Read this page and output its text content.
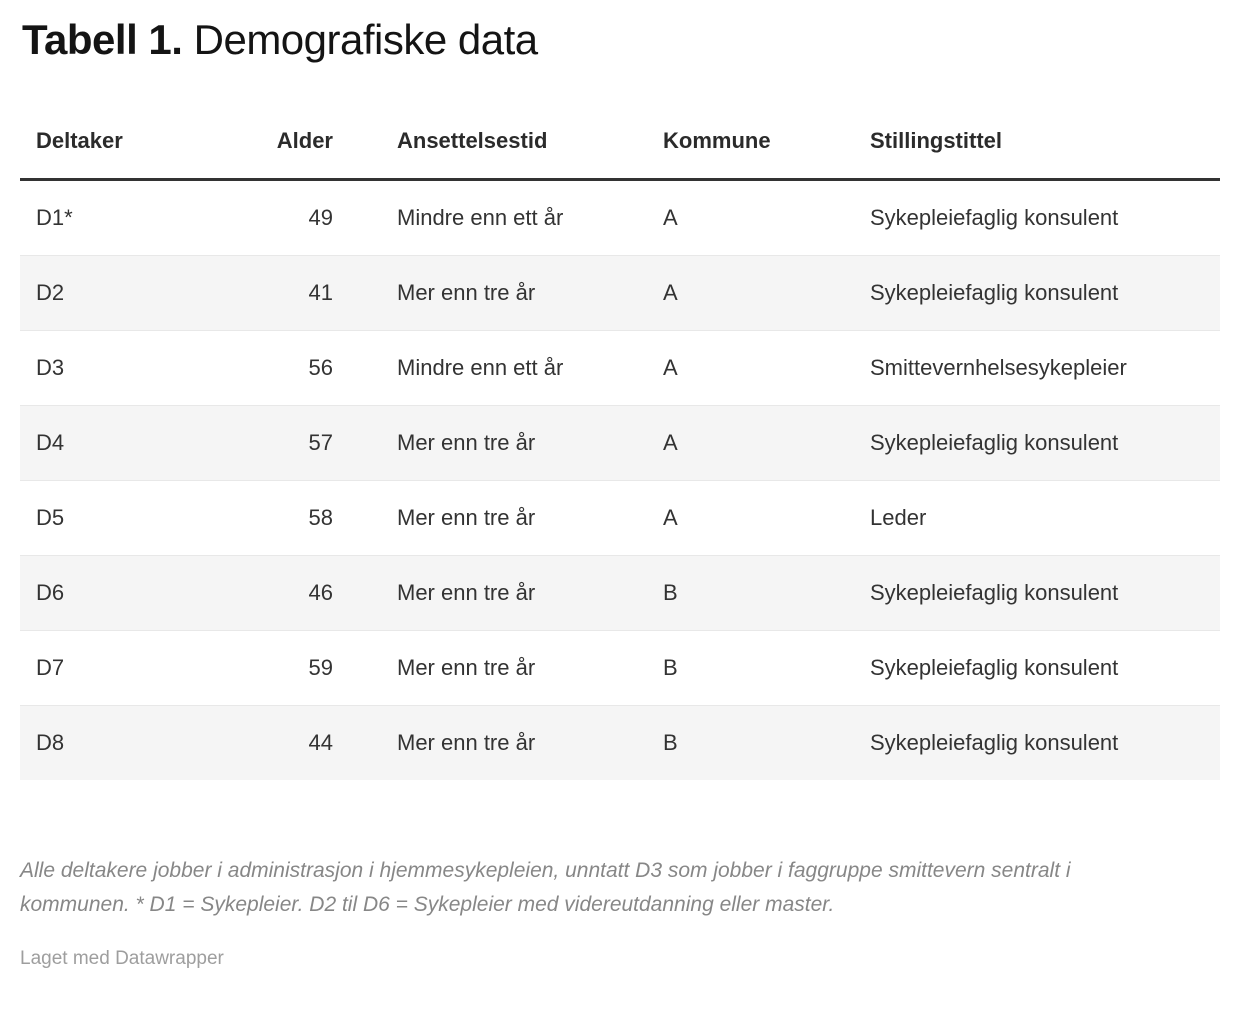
Tabell 1. Demografiske data
Deltaker	Alder	Ansettelsestid	Kommune	Stillingstittel
D1*	49	Mindre enn ett år	A	Sykepleiefaglig konsulent
D2	41	Mer enn tre år	A	Sykepleiefaglig konsulent
D3	56	Mindre enn ett år	A	Smittevernhelsesykepleier
D4	57	Mer enn tre år	A	Sykepleiefaglig konsulent
D5	58	Mer enn tre år	A	Leder
D6	46	Mer enn tre år	B	Sykepleiefaglig konsulent
D7	59	Mer enn tre år	B	Sykepleiefaglig konsulent
D8	44	Mer enn tre år	B	Sykepleiefaglig konsulent

Alle deltakere jobber i administrasjon i hjemmesykepleien, unntatt D3 som jobber i faggruppe smittevern sentralt i kommunen. * D1 = Sykepleier. D2 til D6 = Sykepleier med videreutdanning eller master.

Laget med Datawrapper
